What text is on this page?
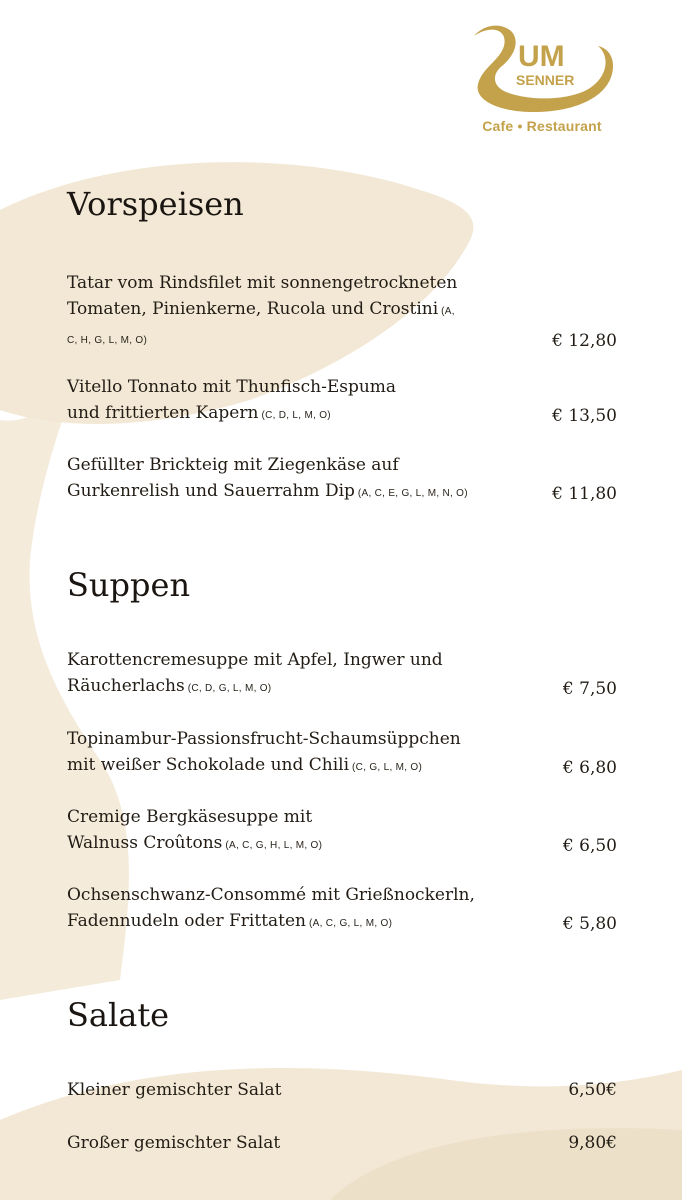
UM
SENNER
Cafe • Restaurant
Vorspeisen
Tatar vom Rindsfilet mit sonnengetrockneten Tomaten, Pinienkerne, Rucola und Crostini (A, C, H, G, L, M, O)	€ 12,80
Vitello Tonnato mit Thunfisch-Espuma und frittierten Kapern (C, D, L, M, O)	€ 13,50
Gefüllter Brickteig mit Ziegenkäse auf Gurkenrelish und Sauerrahm Dip (A, C, E, G, L, M, N, O)	€ 11,80
Suppen
Karottencremesuppe mit Apfel, Ingwer und Räucherlachs (C, D, G, L, M, O)	€ 7,50
Topinambur-Passionsfrucht-Schaumsüppchen mit weißer Schokolade und Chili (C, G, L, M, O)	€ 6,80
Cremige Bergkäsesuppe mit Walnuss Croûtons (A, C, G, H, L, M, O)	€ 6,50
Ochsenschwanz-Consommé mit Grießnockerln, Fadennudeln oder Frittaten (A, C, G, L, M, O)	€ 5,80
Salate
Kleiner gemischter Salat	6,50€
Großer gemischter Salat	9,80€
